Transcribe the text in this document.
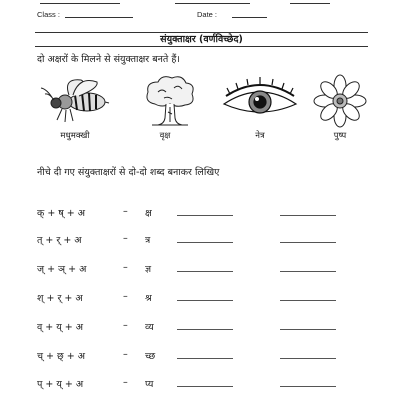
Class :	Date :
संयुक्ताक्षर (वर्णविच्छेद)
दो अक्षरों के मिलने से संयुक्ताक्षर बनते हैं।
मधुमक्खी	वृक्ष	नेत्र	पुष्प
नीचे दी गए संयुक्ताक्षरों से दो-दो शब्द बनाकर लिखिए
क् + ष् + अ	– क्ष
त् + र् + अ	– त्र
ज् + ञ् + अ	– ज्ञ
श् + र् + अ	– श्र
व् + य् + अ	– व्य
च् + छ् + अ	– च्छ
प् + य् + अ	– प्य
